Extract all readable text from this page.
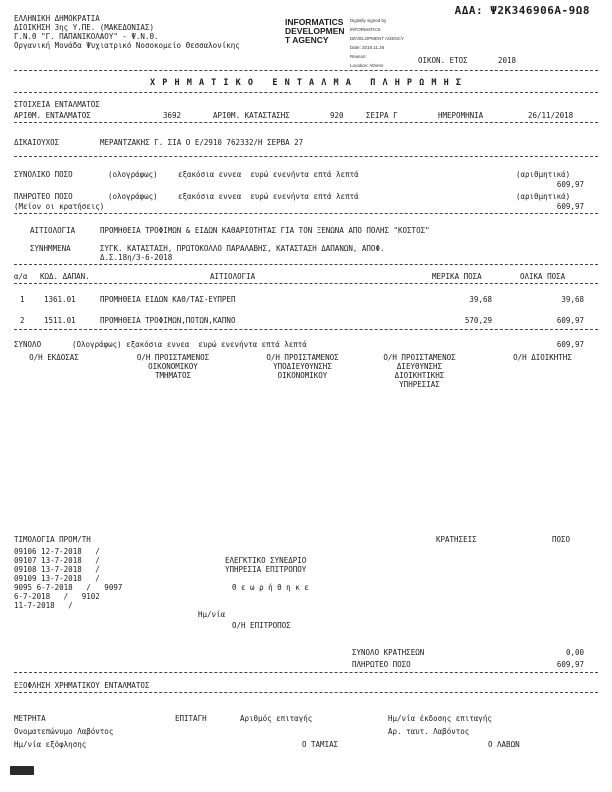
ΑΔΑ: Ψ2Κ346906Α-9Ω8
ΕΛΛΗΝΙΚΗ ΔΗΜΟΚΡΑΤΙΑ
ΔΙΟΙΚΗΣΗ 3ης Υ.ΠΕ. (ΜΑΚΕΔΟΝΙΑΣ)
Γ.Ν.Θ "Γ. ΠΑΠΑΝΙΚΟΛΑΟΥ" - Ψ.Ν.Θ.
Οργανική Μονάδα Ψυχιατρικό Νοσοκομείο Θεσσαλονίκης
INFORMATICS
DEVELOPMEN
T AGENCY
Digitally signed by
INFORMATICS
DEVELOPMENT AGENCY
Date: 2018.11.26
Reason:
Location: Athens
ΟΙΚΟΝ. ΕΤΟΣ	2018
Χ Ρ Η Μ Α Τ Ι Κ Ο   Ε Ν Τ Α Λ Μ Α   Π Λ Η Ρ Ω Μ Η Σ
ΣΤΟΙΧΕΙΑ ΕΝΤΑΛΜΑΤΟΣ
ΑΡΙΘΜ. ΕΝΤΑΛΜΑΤΟΣ	3692	ΑΡΙΘΜ. ΚΑΤΑΣΤΑΣΗΣ	920	ΣΕΙΡΑ Γ	ΗΜΕΡΟΜΗΝΙΑ	26/11/2018
ΔΙΚΑΙΟΥΧΟΣ	ΜΕΡΑΝΤΖΑΚΗΣ Γ. ΣΙΑ Ο Ε/2910 762332/Η ΣΕΡΒΑ 27
ΣΥΝΟΛΙΚΟ ΠΟΣΟ	(ολογράφως)	εξακόσια εννεα  ευρώ ενενήντα επτά λεπτά	(αριθμητικά)
609,97
ΠΛΗΡΩΤΕΟ ΠΟΣΟ	(ολογράφως)	εξακόσια εννεα  ευρώ ενενήντα επτά λεπτά	(αριθμητικά)
(Μείον οι κρατήσεις)	609,97
ΑΙΤΙΟΛΟΓΙΑ	ΠΡΟΜΗΘΕΙΑ ΤΡΟΦΙΜΩΝ & ΕΙΔΩΝ ΚΑΘΑΡΙΟΤΗΤΑΣ ΓΙΑ ΤΟΝ ΞΕΝΩΝΑ ΑΠΟ ΠΟΛΗΣ "ΚΟΣΤΟΣ"
ΣΥΝΗΜΜΕΝΑ	ΣΥΓΚ. ΚΑΤΑΣΤΑΣΗ, ΠΡΩΤΟΚΟΛΛΟ ΠΑΡΑΛΑΒΗΣ, ΚΑΤΑΣΤΑΣΗ ΔΑΠΑΝΩΝ, ΑΠΟΦ.
Δ.Σ.18η/3-6-2018
α/α ΚΩΔ. ΔΑΠΑΝ.	ΑΙΤΙΟΛΟΓΙΑ	ΜΕΡΙΚΑ ΠΟΣΑ	ΟΛΙΚΑ ΠΟΣΑ
1	1361.01	ΠΡΟΜΗΘΕΙΑ ΕΙΔΩΝ ΚΑΘ/ΤΑΣ-ΕΥΠΡΕΠ	39,68	39,68
2	1511.01	ΠΡΟΜΗΘΕΙΑ ΤΡΟΦΙΜΩΝ,ΠΟΤΩΝ,ΚΑΠΝΟ	570,29	609,97
ΣΥΝΟΛΟ	(Ολογράφως) εξακόσια εννεα  ευρώ ενενήντα επτά λεπτά	609,97
Ο/Η ΕΚΔΟΣΑΣ	Ο/Η ΠΡΟΙΣΤΑΜΕΝΟΣ
ΟΙΚΟΝΟΜΙΚΟΥ
ΤΜΗΜΑΤΟΣ
Ο/Η ΠΡΟΙΣΤΑΜΕΝΟΣ
ΥΠΟΔΙΕΥΘΥΝΣΗΣ
ΟΙΚΟΝΟΜΙΚΟΥ
Ο/Η ΠΡΟΙΣΤΑΜΕΝΟΣ
ΔΙΕΥΘΥΝΣΗΣ
ΔΙΟΙΚΗΤΙΚΗΣ
ΥΠΗΡΕΣΙΑΣ
Ο/Η ΔΙΟΙΚΗΤΗΣ
ΤΙΜΟΛΟΓΙΑ ΠΡΟΜ/ΤΗ	ΚΡΑΤΗΣΕΙΣ	ΠΟΣΟ
09106 12-7-2018   /
09107 13-7-2018   /
09108 13-7-2018   /
09109 13-7-2018   /
9095 6-7-2018   /   9097
6-7-2018   /   9102
11-7-2018   /
ΕΛΕΓΚΤΙΚΟ ΣΥΝΕΔΡΙΟ
ΥΠΗΡΕΣΙΑ ΕΠΙΤΡΟΠΟΥ
Θ ε ω ρ ή θ η κ ε
Ημ/νία
Ο/Η ΕΠΙΤΡΟΠΟΣ
ΣΥΝΟΛΟ ΚΡΑΤΗΣΕΩΝ	0,00
ΠΛΗΡΩΤΕΟ ΠΟΣΟ	609,97
ΕΞΟΦΛΗΣΗ ΧΡΗΜΑΤΙΚΟΥ ΕΝΤΑΛΜΑΤΟΣ
ΜΕΤΡΗΤΑ	ΕΠΙΤΑΓΗ	Αριθμός επιταγής	Ημ/νία έκδοσης επιταγής
Ονοματεπώνυμο Λαβόντος	Αρ. ταυτ. Λαβόντος
Ημ/νία εξόφλησης	Ο ΤΑΜΙΑΣ	Ο ΛΑΒΩΝ
